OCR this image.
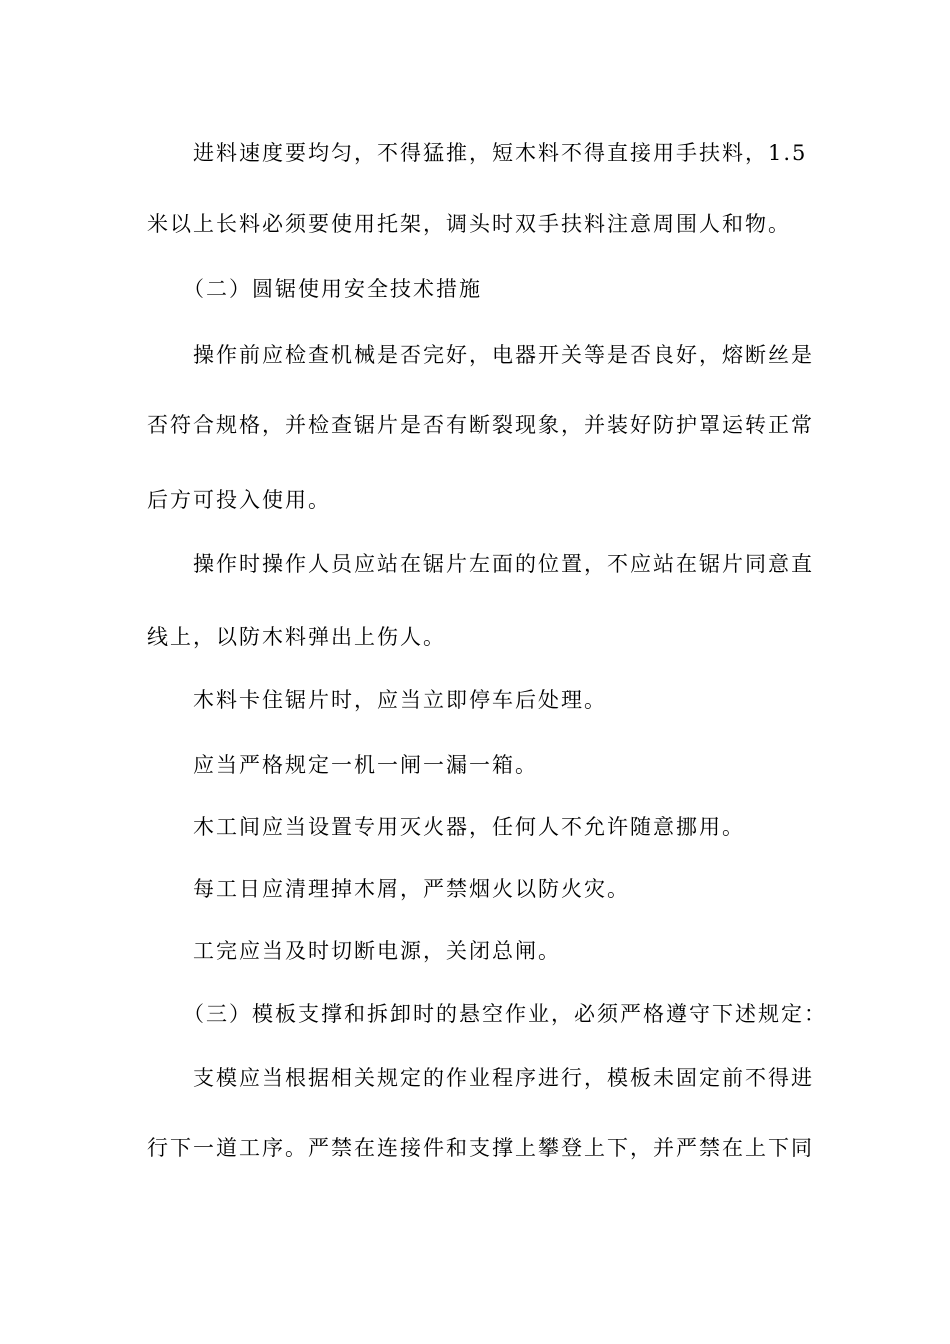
进料速度要均匀，不得猛推，短木料不得直接用手扶料，1.5
米以上长料必须要使用托架，调头时双手扶料注意周围人和物。
（二）圆锯使用安全技术措施
操作前应检查机械是否完好，电器开关等是否良好，熔断丝是
否符合规格，并检查锯片是否有断裂现象，并装好防护罩运转正常
后方可投入使用。
操作时操作人员应站在锯片左面的位置，不应站在锯片同意直
线上，以防木料弹出上伤人。
木料卡住锯片时，应当立即停车后处理。
应当严格规定一机一闸一漏一箱。
木工间应当设置专用灭火器，任何人不允许随意挪用。
每工日应清理掉木屑，严禁烟火以防火灾。
工完应当及时切断电源，关闭总闸。
（三）模板支撑和拆卸时的悬空作业，必须严格遵守下述规定：
支模应当根据相关规定的作业程序进行，模板未固定前不得进
行下一道工序。严禁在连接件和支撑上攀登上下，并严禁在上下同
